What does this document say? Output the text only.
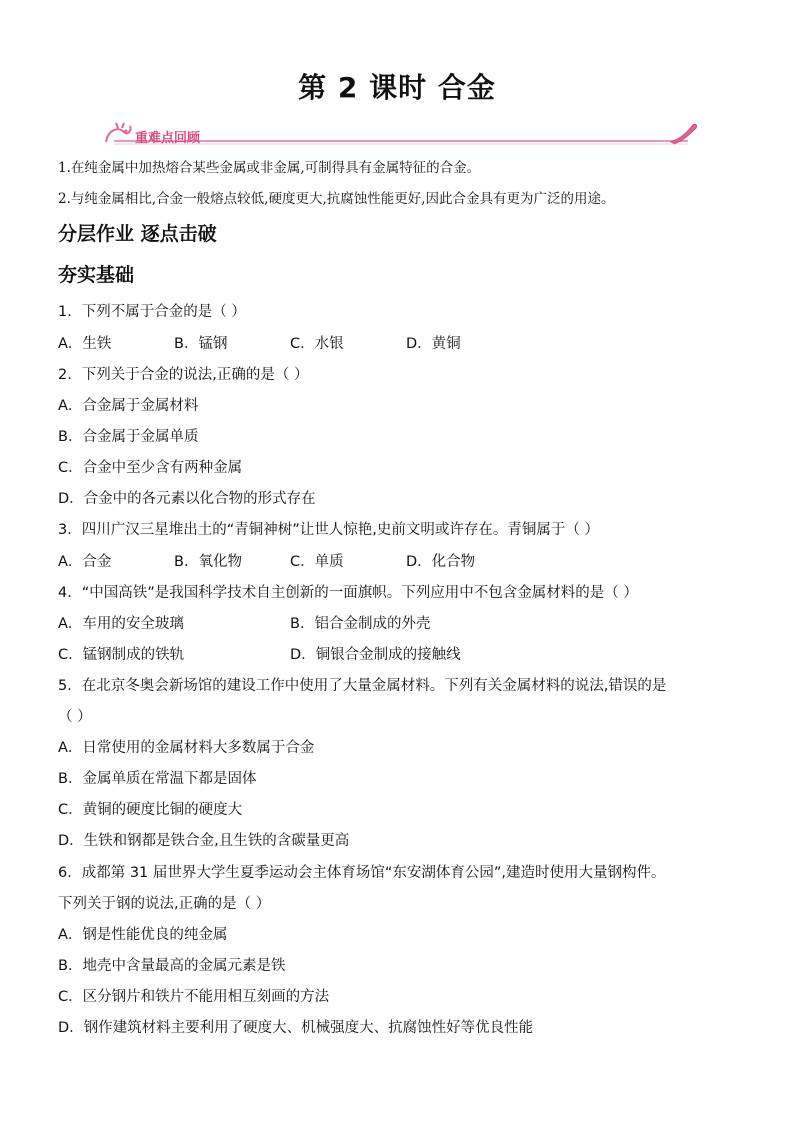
第 2 课时 合金
重难点回顾
1.在纯金属中加热熔合某些金属或非金属,可制得具有金属特征的合金。
2.与纯金属相比,合金一般熔点较低,硬度更大,抗腐蚀性能更好,因此合金具有更为广泛的用途。
分层作业 逐点击破
夯实基础
1．下列不属于合金的是（ ）
A．生铁	B．锰钢	C．水银	D．黄铜
2．下列关于合金的说法,正确的是（ ）
A．合金属于金属材料
B．合金属于金属单质
C．合金中至少含有两种金属
D．合金中的各元素以化合物的形式存在
3．四川广汉三星堆出土的“青铜神树”让世人惊艳,史前文明或许存在。青铜属于（ ）
A．合金	B．氧化物	C．单质	D．化合物
4．“中国高铁”是我国科学技术自主创新的一面旗帜。下列应用中不包含金属材料的是（ ）
A．车用的安全玻璃	B．铝合金制成的外壳
C．锰钢制成的铁轨	D．铜银合金制成的接触线
5．在北京冬奥会新场馆的建设工作中使用了大量金属材料。下列有关金属材料的说法,错误的是
（ ）
A．日常使用的金属材料大多数属于合金
B．金属单质在常温下都是固体
C．黄铜的硬度比铜的硬度大
D．生铁和钢都是铁合金,且生铁的含碳量更高
6．成都第 31 届世界大学生夏季运动会主体育场馆“东安湖体育公园”,建造时使用大量钢构件。
下列关于钢的说法,正确的是（ ）
A．钢是性能优良的纯金属
B．地壳中含量最高的金属元素是铁
C．区分钢片和铁片不能用相互刻画的方法
D．钢作建筑材料主要利用了硬度大、机械强度大、抗腐蚀性好等优良性能
